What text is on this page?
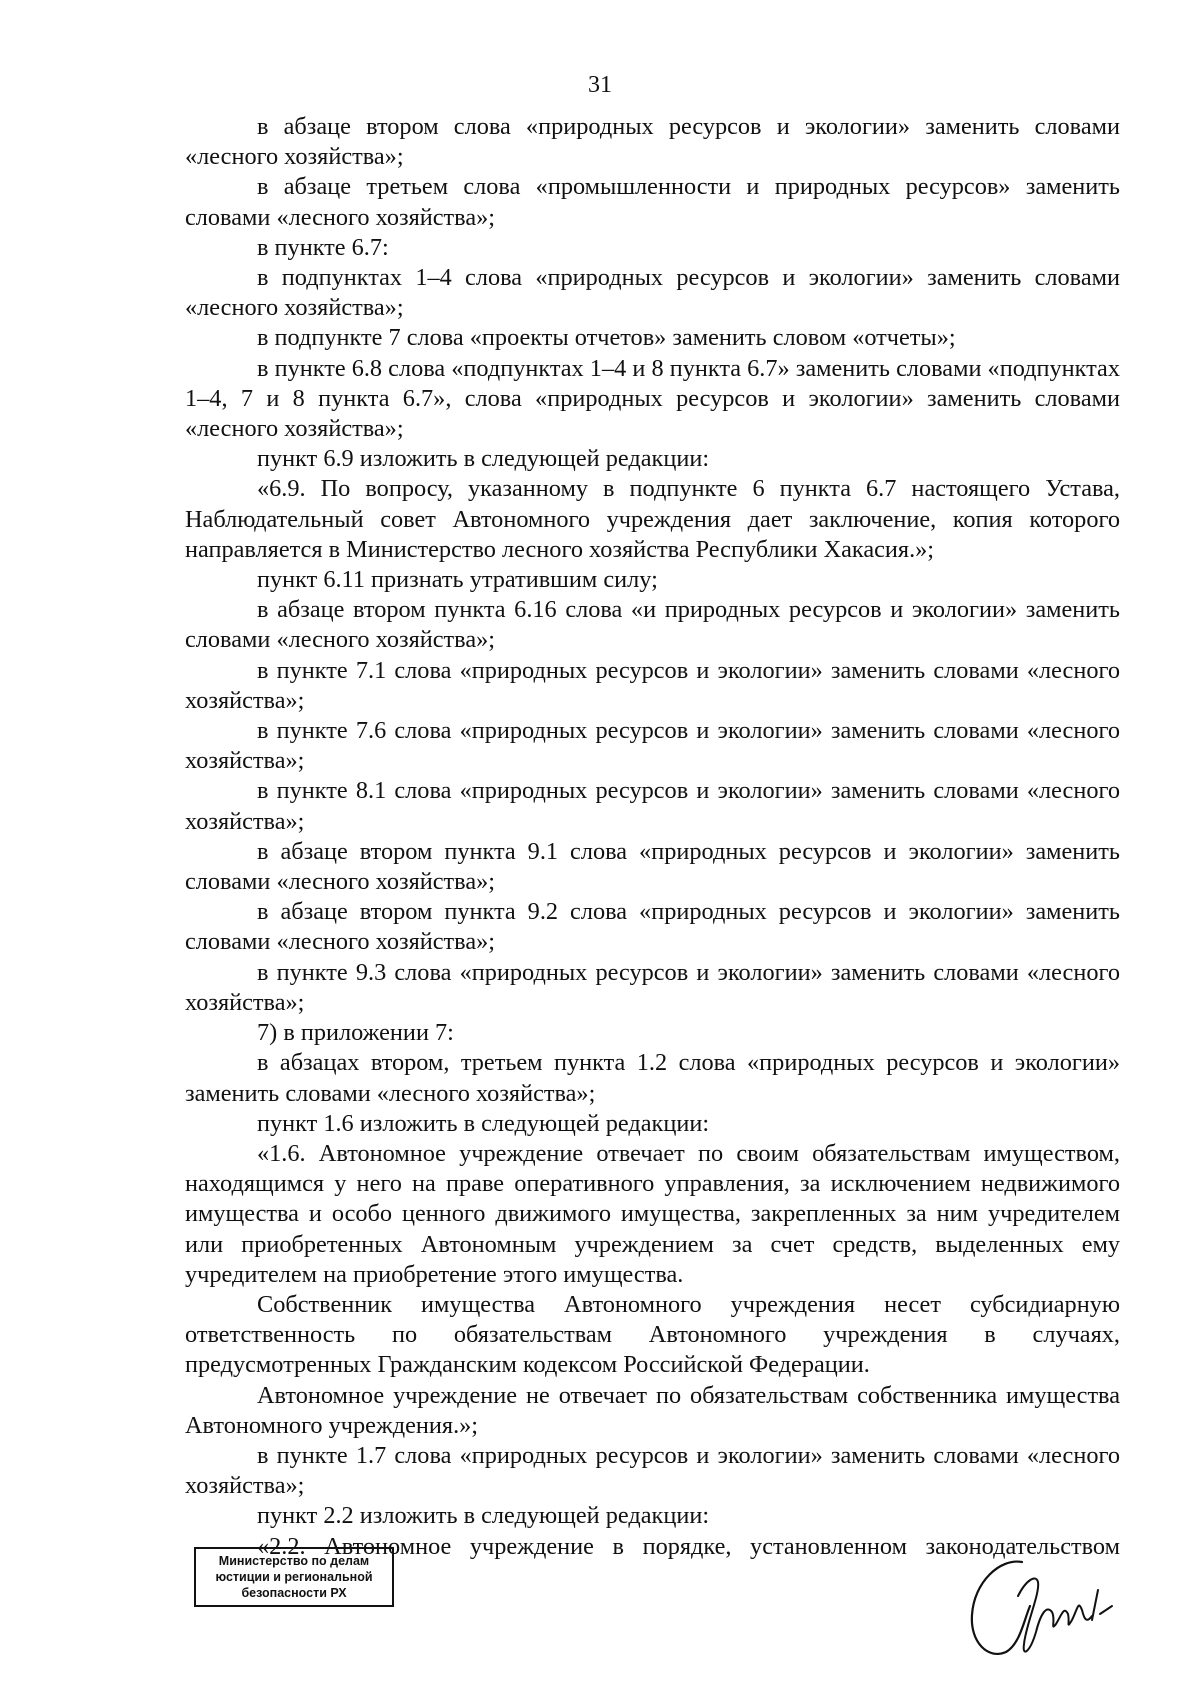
31

в абзаце втором слова «природных ресурсов и экологии» заменить словами «лесного хозяйства»;

в абзаце третьем слова «промышленности и природных ресурсов» заменить словами «лесного хозяйства»;

в пункте 6.7:

в подпунктах 1–4 слова «природных ресурсов и экологии» заменить словами «лесного хозяйства»;

в подпункте 7 слова «проекты отчетов» заменить словом «отчеты»;

в пункте 6.8 слова «подпунктах 1–4 и 8 пункта 6.7» заменить словами «подпунктах 1–4, 7 и 8 пункта 6.7», слова «природных ресурсов и экологии» заменить словами «лесного хозяйства»;

пункт 6.9 изложить в следующей редакции:

«6.9. По вопросу, указанному в подпункте 6 пункта 6.7 настоящего Устава, Наблюдательный совет Автономного учреждения дает заключение, копия которого направляется в Министерство лесного хозяйства Республики Хакасия.»;

пункт 6.11 признать утратившим силу;

в абзаце втором пункта 6.16 слова «и природных ресурсов и экологии» заменить словами «лесного хозяйства»;

в пункте 7.1 слова «природных ресурсов и экологии» заменить словами «лесного хозяйства»;

в пункте 7.6 слова «природных ресурсов и экологии» заменить словами «лесного хозяйства»;

в пункте 8.1 слова «природных ресурсов и экологии» заменить словами «лесного хозяйства»;

в абзаце втором пункта 9.1 слова «природных ресурсов и экологии» заменить словами «лесного хозяйства»;

в абзаце втором пункта 9.2 слова «природных ресурсов и экологии» заменить словами «лесного хозяйства»;

в пункте 9.3 слова «природных ресурсов и экологии» заменить словами «лесного хозяйства»;

7) в приложении 7:

в абзацах втором, третьем пункта 1.2 слова «природных ресурсов и экологии» заменить словами «лесного хозяйства»;

пункт 1.6 изложить в следующей редакции:

«1.6. Автономное учреждение отвечает по своим обязательствам имуществом, находящимся у него на праве оперативного управления, за исключением недвижимого имущества и особо ценного движимого имущества, закрепленных за ним учредителем или приобретенных Автономным учреждением за счет средств, выделенных ему учредителем на приобретение этого имущества.

Собственник имущества Автономного учреждения несет субсидиарную ответственность по обязательствам Автономного учреждения в случаях, предусмотренных Гражданским кодексом Российской Федерации.

Автономное учреждение не отвечает по обязательствам собственника имущества Автономного учреждения.»;

в пункте 1.7 слова «природных ресурсов и экологии» заменить словами «лесного хозяйства»;

пункт 2.2 изложить в следующей редакции:

«2.2. Автономное учреждение в порядке, установленном законодательством

Министерство по делам
юстиции и региональной
безопасности РХ
